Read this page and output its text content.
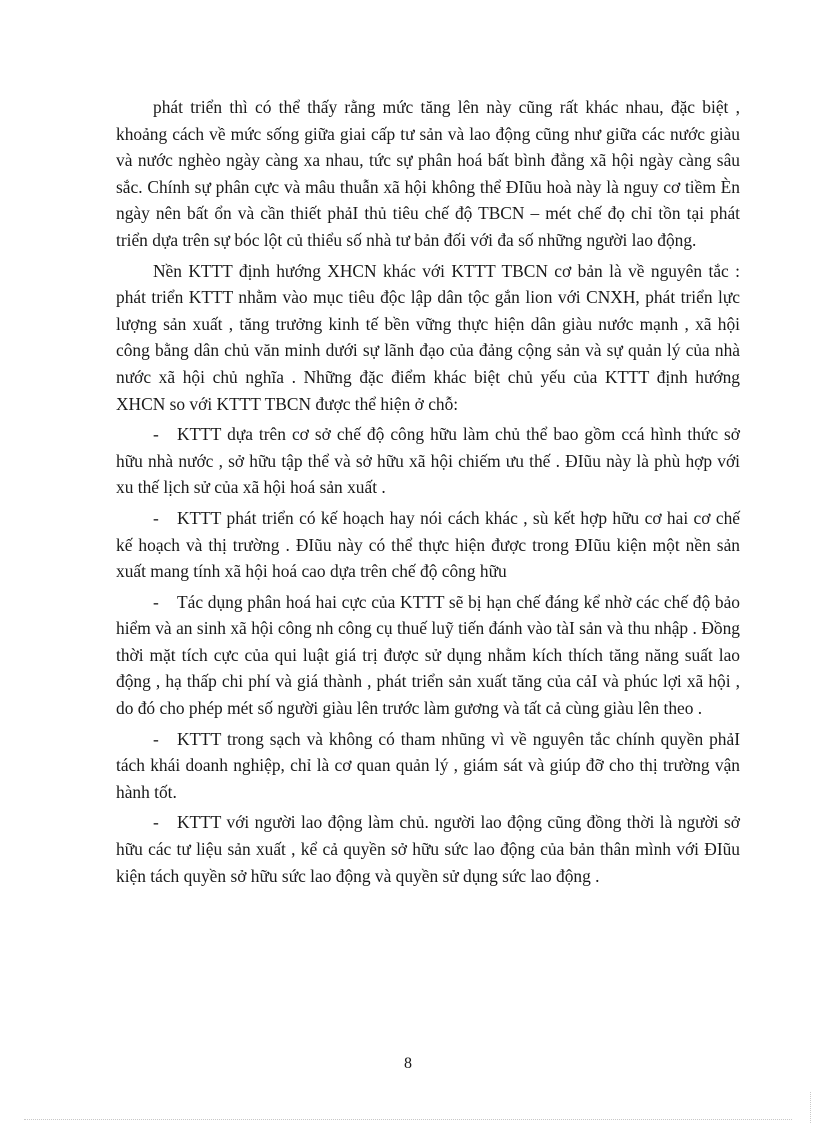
phát triển thì có thể thấy rằng mức tăng lên này cũng rất khác nhau, đặc biệt , khoảng cách về mức sống giữa giai cấp tư sản và lao động cũng như giữa các nước giàu và nước nghèo ngày càng xa nhau, tức sự phân hoá bất bình đẳng xã hội ngày càng sâu sắc. Chính sự phân cực và mâu thuẫn xã hội không thể ĐIũu hoà này là nguy cơ tiềm Èn ngày nên bất ổn và cần thiết phảI thủ tiêu chế độ TBCN – mét chế đọ chỉ tồn tại phát triển dựa trên sự bóc lột củ thiểu số nhà tư bản đối với đa số những người lao động.

Nền KTTT định hướng XHCN khác với KTTT TBCN cơ bản là về nguyên tắc : phát triển KTTT nhằm vào mục tiêu độc lập dân tộc gắn lion với CNXH, phát triển lực lượng sản xuất , tăng trưởng kinh tế bền vững thực hiện dân giàu nước mạnh , xã hội công bằng dân chủ văn minh dưới sự lãnh đạo của đảng cộng sản và sự quản lý của nhà nước xã hội chủ nghĩa . Những đặc điểm khác biệt chủ yếu của KTTT định hướng XHCN so với KTTT TBCN được thể hiện ở chỗ:

- KTTT dựa trên cơ sở chế độ công hữu làm chủ thể bao gồm ccá hình thức sở hữu nhà nước , sở hữu tập thể và sở hữu xã hội chiếm ưu thế . ĐIũu này là phù hợp với xu thế lịch sử của xã hội hoá sản xuất .

- KTTT phát triển có kế hoạch hay nói cách khác , sù kết hợp hữu cơ hai cơ chế kế hoạch và thị trường . ĐIũu này có thể thực hiện được trong ĐIũu kiện một nền sản xuất mang tính xã hội hoá cao dựa trên chế độ công hữu

- Tác dụng phân hoá hai cực của KTTT sẽ bị hạn chế đáng kể nhờ các chế độ bảo hiểm và an sinh xã hội công nh công cụ thuế luỹ tiến đánh vào tàI sản và thu nhập . Đồng thời mặt tích cực của qui luật giá trị được sử dụng nhằm kích thích tăng năng suất lao động , hạ thấp chi phí và giá thành , phát triển sản xuất tăng của cảI và phúc lợi xã hội , do đó cho phép mét số người giàu lên trước làm gương và tất cả cùng giàu lên theo .

- KTTT trong sạch và không có tham nhũng vì về nguyên tắc chính quyền phảI tách khái doanh nghiệp, chỉ là cơ quan quản lý , giám sát và giúp đỡ cho thị trường vận hành tốt.

- KTTT với người lao động làm chủ. người lao động cũng đồng thời là người sở hữu các tư liệu sản xuất , kể cả quyền sở hữu sức lao động của bản thân mình với ĐIũu kiện tách quyền sở hữu sức lao động và quyền sử dụng sức lao động .

8
